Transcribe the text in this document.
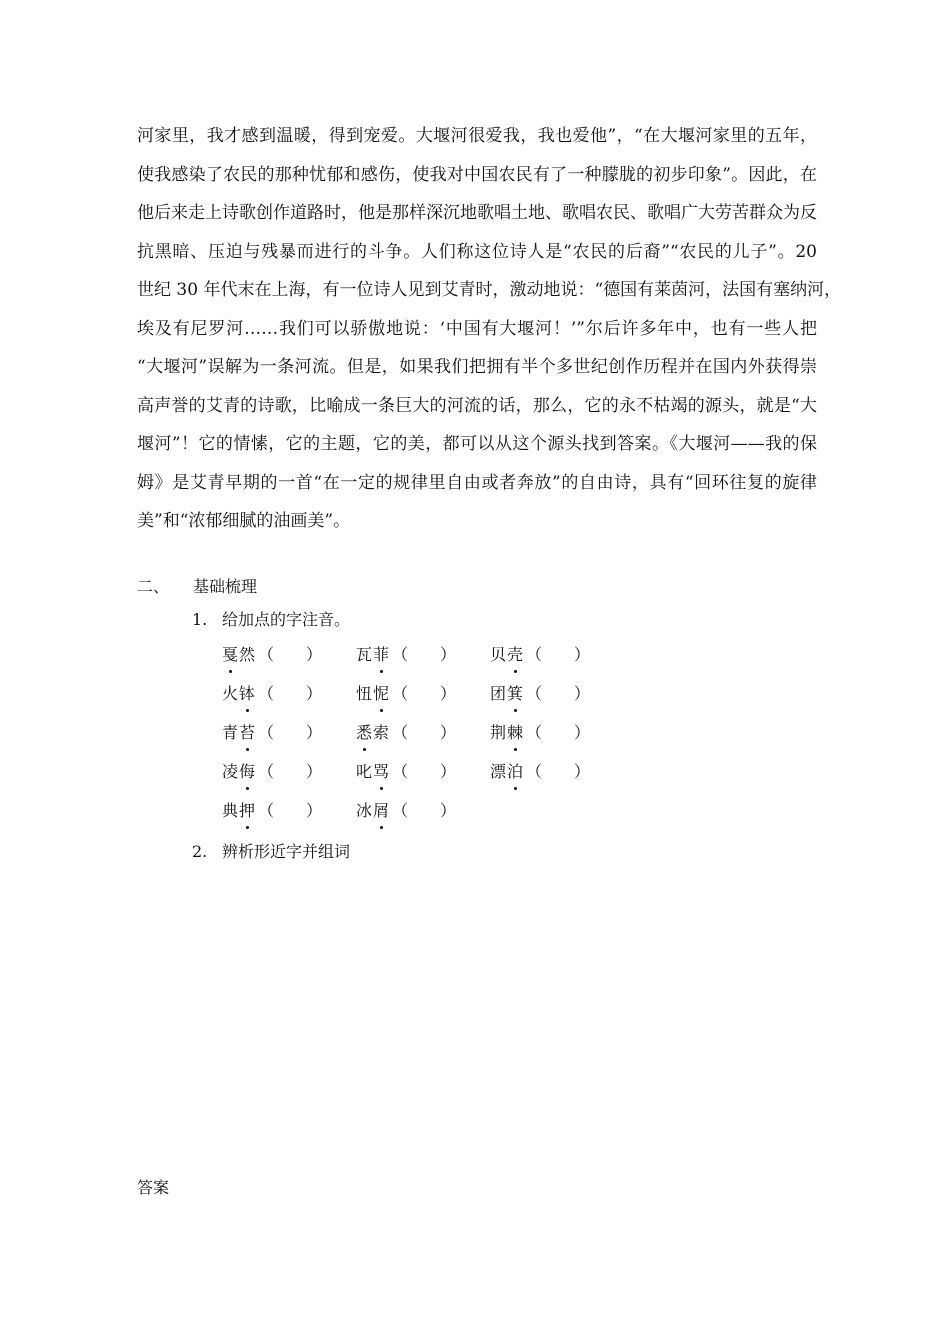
河家里，我才感到温暖，得到宠爱。大堰河很爱我，我也爱他”，“在大堰河家里的五年，
使我感染了农民的那种忧郁和感伤，使我对中国农民有了一种朦胧的初步印象”。因此，在
他后来走上诗歌创作道路时，他是那样深沉地歌唱土地、歌唱农民、歌唱广大劳苦群众为反
抗黑暗、压迫与残暴而进行的斗争。人们称这位诗人是“农民的后裔”“农民的儿子”。20
世纪 30 年代末在上海，有一位诗人见到艾青时，激动地说：“德国有莱茵河，法国有塞纳河，
埃及有尼罗河……我们可以骄傲地说：‘中国有大堰河！’”尔后许多年中，也有一些人把
“大堰河”误解为一条河流。但是，如果我们把拥有半个多世纪创作历程并在国内外获得崇
高声誉的艾青的诗歌，比喻成一条巨大的河流的话，那么，它的永不枯竭的源头，就是“大
堰河”！它的情愫，它的主题，它的美，都可以从这个源头找到答案。《大堰河——我的保
姆》是艾青早期的一首“在一定的规律里自由或者奔放”的自由诗，具有“回环往复的旋律
美”和“浓郁细腻的油画美”。
二、 基础梳理
1. 给加点的字注音。
戛然 （　　） 瓦菲 （　　） 贝壳 （　　）
火钵 （　　） 忸怩 （　　） 团箕 （　　）
青苔 （　　） 悉索 （　　） 荆棘 （　　）
凌侮 （　　） 叱骂 （　　） 漂泊 （　　）
典押 （　　） 冰屑 （　　）
2. 辨析形近字并组词
答案
